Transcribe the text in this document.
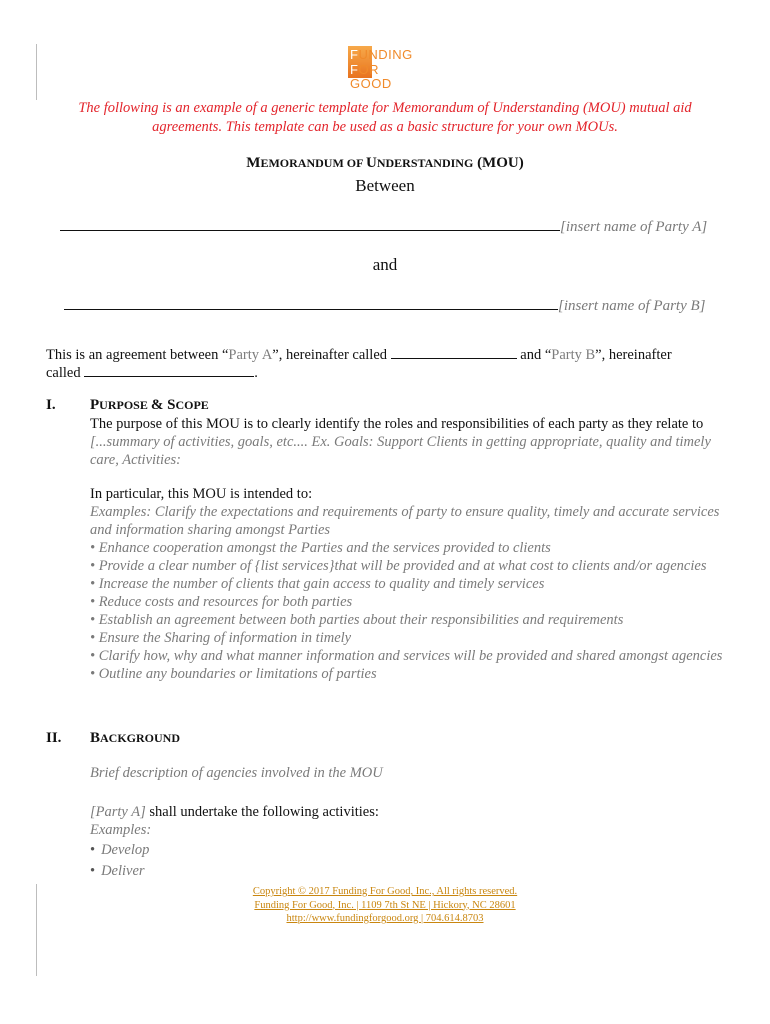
FUNDING
FOR GOOD
The following is an example of a generic template for Memorandum of Understanding (MOU) mutual aid agreements. This template can be used as a basic structure for your own MOUs.
MEMORANDUM OF UNDERSTANDING (MOU)
Between
[insert name of Party A]
and
[insert name of Party B]
This is an agreement between “Party A”, hereinafter called	and “Party B”, hereinafter called	.
I. PURPOSE & SCOPE
The purpose of this MOU is to clearly identify the roles and responsibilities of each party as they relate to [...summary of activities, goals, etc.... Ex. Goals: Support Clients in getting appropriate, quality and timely care, Activities:
In particular, this MOU is intended to:
Examples: Clarify the expectations and requirements of party to ensure quality, timely and accurate services and information sharing amongst Parties
• Enhance cooperation amongst the Parties and the services provided to clients
• Provide a clear number of {list services}that will be provided and at what cost to clients and/or agencies
• Increase the number of clients that gain access to quality and timely services
• Reduce costs and resources for both parties
• Establish an agreement between both parties about their responsibilities and requirements
• Ensure the Sharing of information in timely
• Clarify how, why and what manner information and services will be provided and shared amongst agencies
• Outline any boundaries or limitations of parties
II. BACKGROUND
Brief description of agencies involved in the MOU
[Party A] shall undertake the following activities:
Examples:
• Develop
• Deliver
Copyright © 2017 Funding For Good, Inc., All rights reserved.
Funding For Good, Inc. | 1109 7th St NE | Hickory, NC 28601
http://www.fundingforgood.org | 704.614.8703
